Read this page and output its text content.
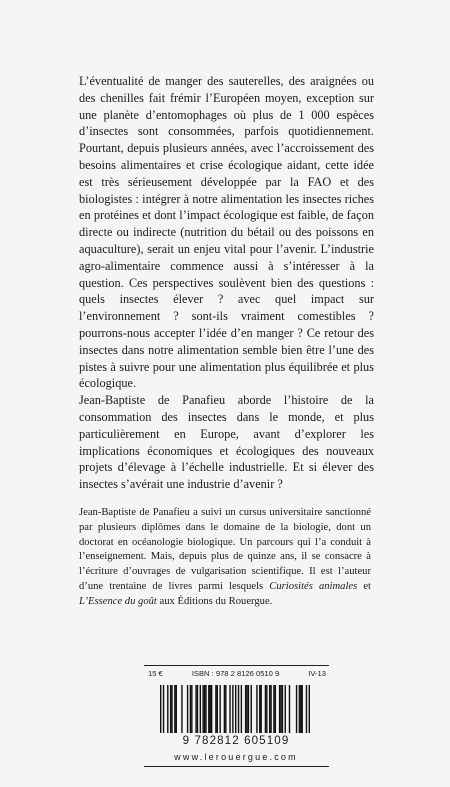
L’éventualité de manger des sauterelles, des araignées ou des chenilles fait frémir l’Européen moyen, exception sur une planète d’entomophages où plus de 1 000 espèces d’insectes sont consommées, parfois quotidiennement. Pourtant, depuis plusieurs années, avec l’accroissement des besoins alimentaires et crise écologique aidant, cette idée est très sérieusement développée par la FAO et des biologistes : intégrer à notre alimentation les insectes riches en protéines et dont l’impact écologique est faible, de façon directe ou indirecte (nutrition du bétail ou des poissons en aquaculture), serait un enjeu vital pour l’avenir. L’industrie agro-alimentaire commence aussi à s’intéresser à la question. Ces perspectives soulèvent bien des questions : quels insectes élever ? avec quel impact sur l’environnement ? sont-ils vraiment comestibles ? pourrons-nous accepter l’idée d’en manger ? Ce retour des insectes dans notre alimentation semble bien être l’une des pistes à suivre pour une alimentation plus équilibrée et plus écologique.

Jean-Baptiste de Panafieu aborde l’histoire de la consommation des insectes dans le monde, et plus particulièrement en Europe, avant d’explorer les implications économiques et écologiques des nouveaux projets d’élevage à l’échelle industrielle. Et si élever des insectes s’avérait une industrie d’avenir ?

Jean-Baptiste de Panafieu a suivi un cursus universitaire sanctionné par plusieurs diplômes dans le domaine de la biologie, dont un doctorat en océanologie biologique. Un parcours qui l’a conduit à l’enseignement. Mais, depuis plus de quinze ans, il se consacre à l’écriture d’ouvrages de vulgarisation scientifique. Il est l’auteur d’une trentaine de livres parmi lesquels Curiosités animales et L’Essence du goût aux Éditions du Rouergue.

15 €	ISBN : 978 2 8126 0510 9	IV-13
9 782812 605109
www.lerouergue.com
